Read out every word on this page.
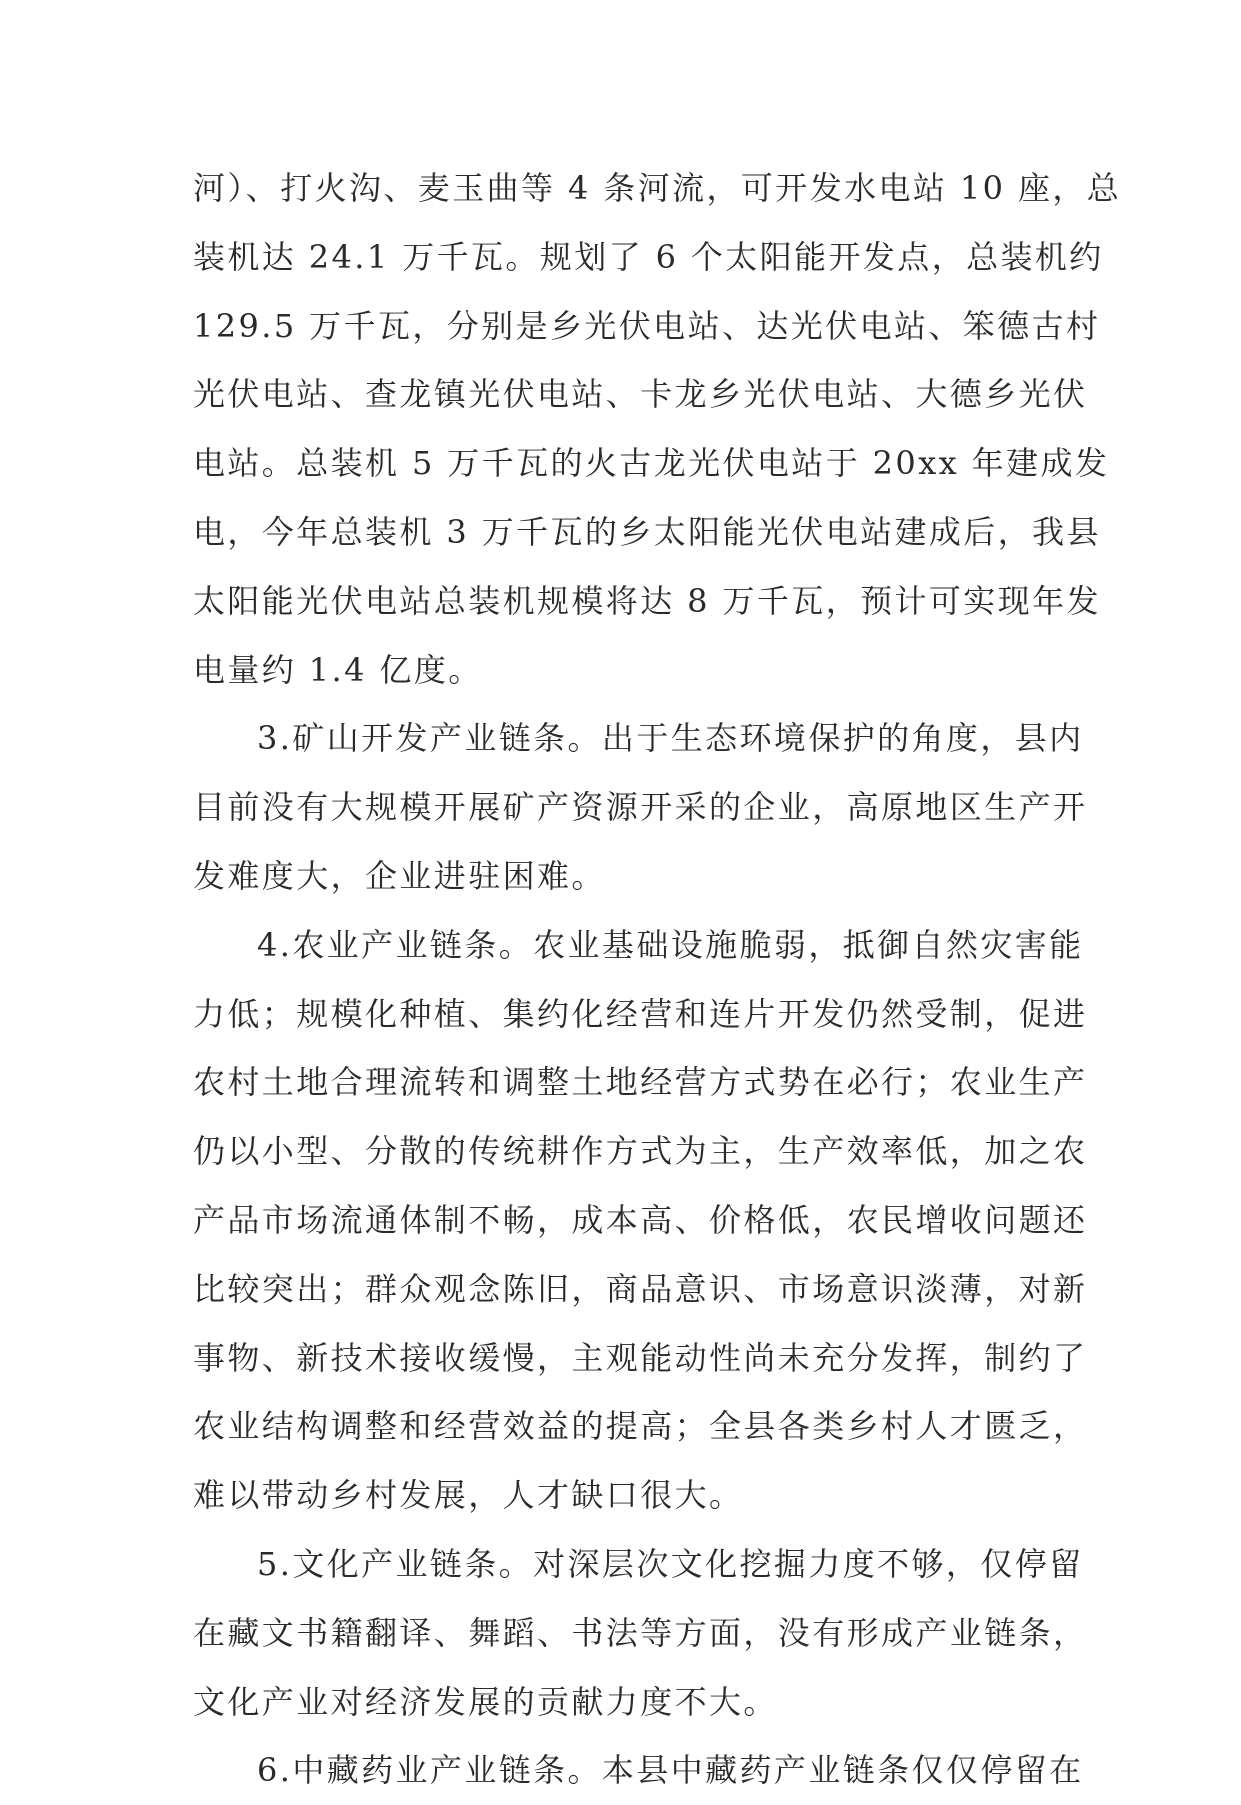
河）、打火沟、麦玉曲等 4 条河流，可开发水电站 10 座，总
装机达 24.1 万千瓦。规划了 6 个太阳能开发点，总装机约
129.5 万千瓦，分别是乡光伏电站、达光伏电站、笨德古村
光伏电站、查龙镇光伏电站、卡龙乡光伏电站、大德乡光伏
电站。总装机 5 万千瓦的火古龙光伏电站于 20xx 年建成发
电，今年总装机 3 万千瓦的乡太阳能光伏电站建成后，我县
太阳能光伏电站总装机规模将达 8 万千瓦，预计可实现年发
电量约 1.4 亿度。
3.矿山开发产业链条。出于生态环境保护的角度，县内
目前没有大规模开展矿产资源开采的企业，高原地区生产开
发难度大，企业进驻困难。
4.农业产业链条。农业基础设施脆弱，抵御自然灾害能
力低；规模化种植、集约化经营和连片开发仍然受制，促进
农村土地合理流转和调整土地经营方式势在必行；农业生产
仍以小型、分散的传统耕作方式为主，生产效率低，加之农
产品市场流通体制不畅，成本高、价格低，农民增收问题还
比较突出；群众观念陈旧，商品意识、市场意识淡薄，对新
事物、新技术接收缓慢，主观能动性尚未充分发挥，制约了
农业结构调整和经营效益的提高；全县各类乡村人才匮乏，
难以带动乡村发展，人才缺口很大。
5.文化产业链条。对深层次文化挖掘力度不够，仅停留
在藏文书籍翻译、舞蹈、书法等方面，没有形成产业链条，
文化产业对经济发展的贡献力度不大。
6.中藏药业产业链条。本县中藏药产业链条仅仅停留在
